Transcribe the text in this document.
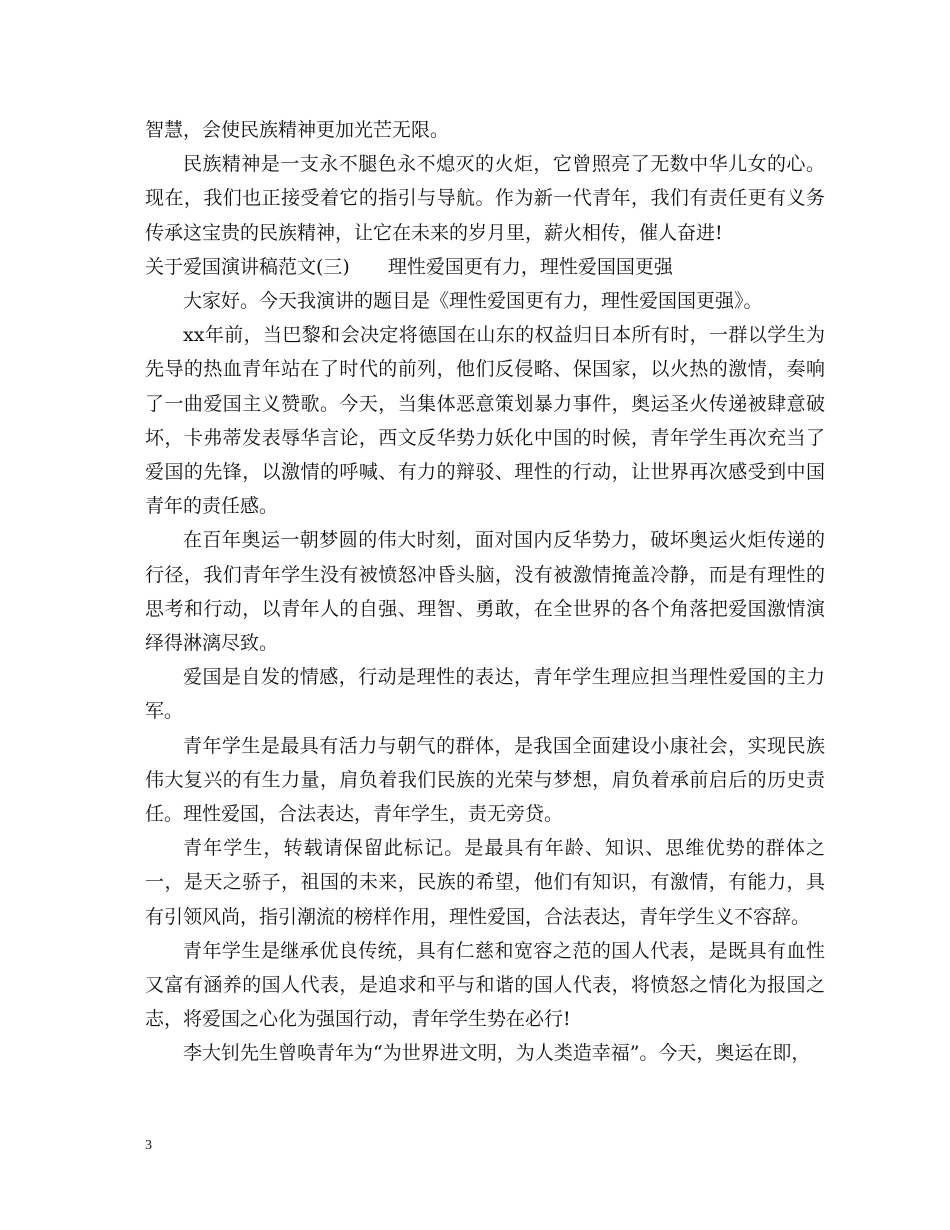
智慧，会使民族精神更加光芒无限。

民族精神是一支永不腿色永不熄灭的火炬，它曾照亮了无数中华儿女的心。现在，我们也正接受着它的指引与导航。作为新一代青年，我们有责任更有义务传承这宝贵的民族精神，让它在未来的岁月里，薪火相传，催人奋进!

关于爱国演讲稿范文(三) 理性爱国更有力，理性爱国国更强

大家好。今天我演讲的题目是《理性爱国更有力，理性爱国国更强》。

xx年前，当巴黎和会决定将德国在山东的权益归日本所有时，一群以学生为先导的热血青年站在了时代的前列，他们反侵略、保国家，以火热的激情，奏响了一曲爱国主义赞歌。今天，当集体恶意策划暴力事件，奥运圣火传递被肆意破坏，卡弗蒂发表辱华言论，西文反华势力妖化中国的时候，青年学生再次充当了爱国的先锋，以激情的呼喊、有力的辩驳、理性的行动，让世界再次感受到中国青年的责任感。

在百年奥运一朝梦圆的伟大时刻，面对国内反华势力，破坏奥运火炬传递的行径，我们青年学生没有被愤怒冲昏头脑，没有被激情掩盖冷静，而是有理性的思考和行动，以青年人的自强、理智、勇敢，在全世界的各个角落把爱国激情演绎得淋漓尽致。

爱国是自发的情感，行动是理性的表达，青年学生理应担当理性爱国的主力军。

青年学生是最具有活力与朝气的群体，是我国全面建设小康社会，实现民族伟大复兴的有生力量，肩负着我们民族的光荣与梦想，肩负着承前启后的历史责任。理性爱国，合法表达，青年学生，责无旁贷。

青年学生，转载请保留此标记。是最具有年龄、知识、思维优势的群体之一，是天之骄子，祖国的未来，民族的希望，他们有知识，有激情，有能力，具有引领风尚，指引潮流的榜样作用，理性爱国，合法表达，青年学生义不容辞。

青年学生是继承优良传统，具有仁慈和宽容之范的国人代表，是既具有血性又富有涵养的国人代表，是追求和平与和谐的国人代表，将愤怒之情化为报国之志，将爱国之心化为强国行动，青年学生势在必行!

李大钊先生曾唤青年为“为世界进文明，为人类造幸福”。今天，奥运在即，

3
